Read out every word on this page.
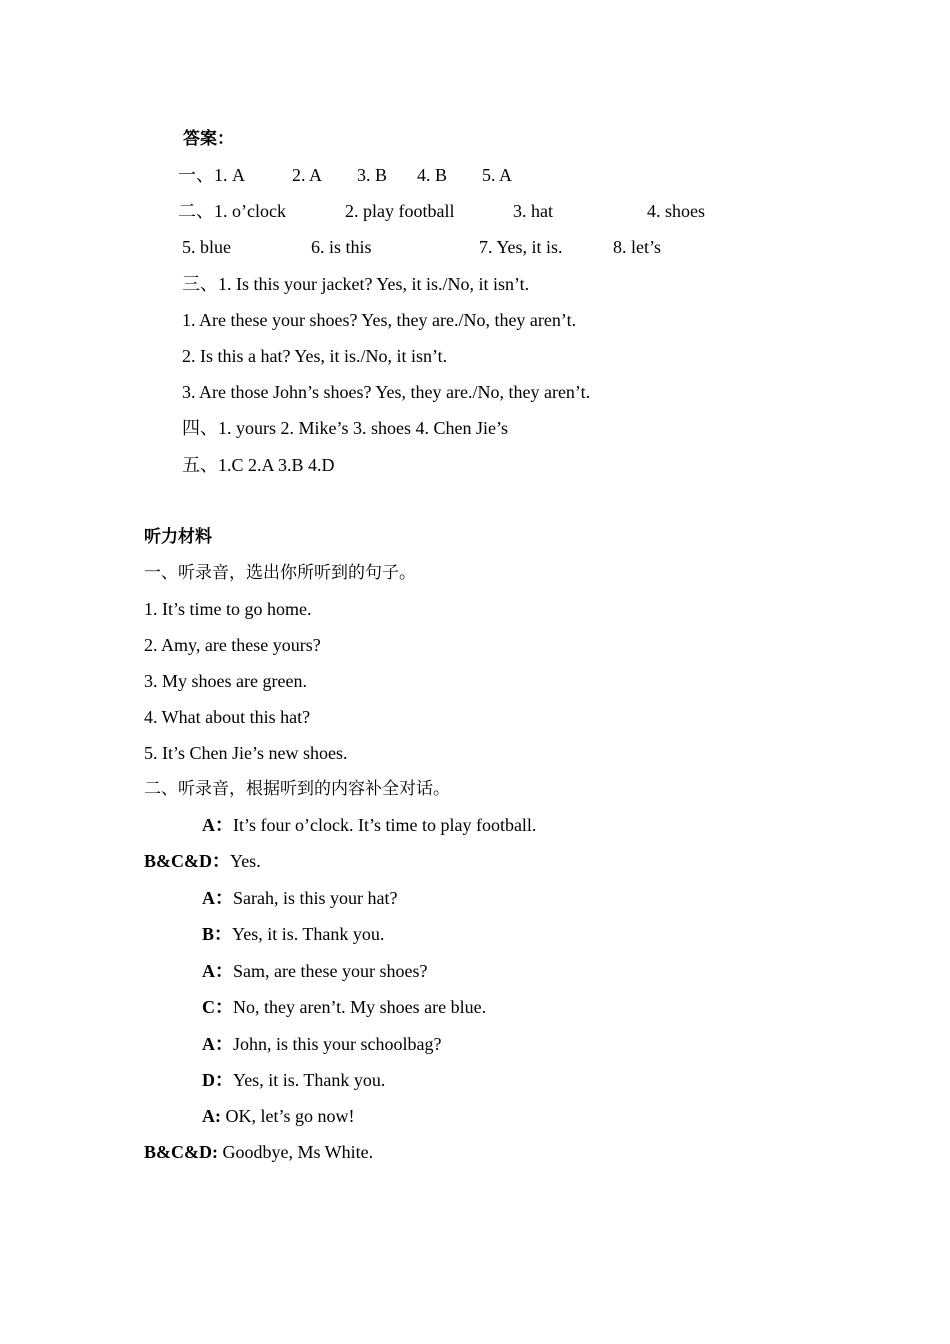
答案：
一、1. A	2. A 3. B 4. B 5. A
二、1. o’clock	2. play football	3. hat	4. shoes
5. blue	6. is this	7. Yes, it is.	8. let’s
三、1. Is this your jacket? Yes, it is./No, it isn’t.
1. Are these your shoes? Yes, they are./No, they aren’t.
2. Is this a hat? Yes, it is./No, it isn’t.
3. Are those John’s shoes? Yes, they are./No, they aren’t.
四、1. yours 2. Mike’s 3. shoes 4. Chen Jie’s
五、1.C 2.A 3.B 4.D
听力材料
一、听录音，选出你所听到的句子。
1. It’s time to go home.
2. Amy, are these yours?
3. My shoes are green.
4. What about this hat?
5. It’s Chen Jie’s new shoes.
二、听录音，根据听到的内容补全对话。
A：It’s four o’clock. It’s time to play football.
B&C&D：Yes.
A：Sarah, is this your hat?
B：Yes, it is. Thank you.
A：Sam, are these your shoes?
C：No, they aren’t. My shoes are blue.
A：John, is this your schoolbag?
D：Yes, it is. Thank you.
A: OK, let’s go now!
B&C&D: Goodbye, Ms White.
